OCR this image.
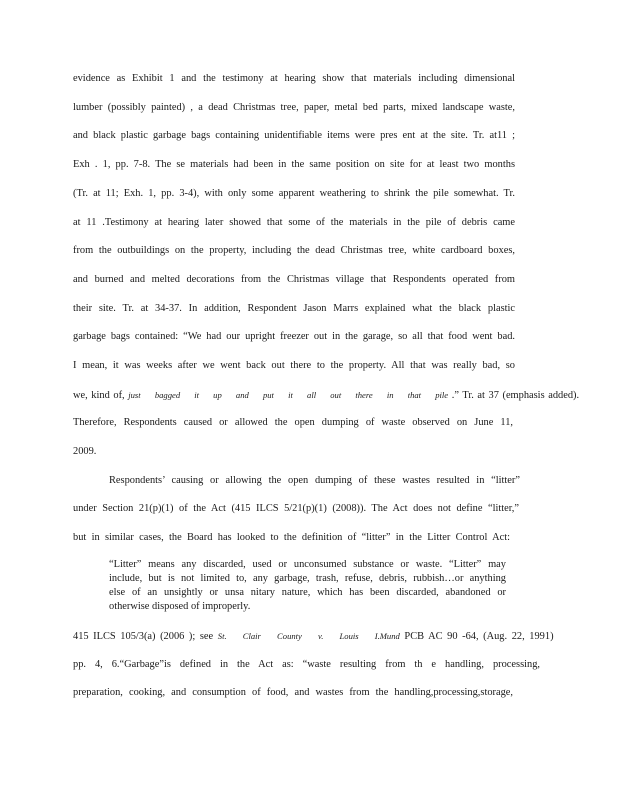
evidence as Exhibit 1 and the testimony at hearing show that materials including dimensional
lumber (possibly painted) , a dead Christmas tree, paper, metal bed parts, mixed landscape waste,
and black plastic garbage bags containing unidentifiable items were pres ent at the site. Tr. at11 ;
Exh . 1, pp. 7-8. The se materials had been in the same position on site for at least two months
(Tr. at 11; Exh. 1, pp. 3-4), with only some apparent weathering to shrink the pile somewhat. Tr.
at 11 .Testimony at hearing later showed that some of the materials in the pile of debris came
from the outbuildings on the property, including the dead Christmas tree, white cardboard boxes,
and burned and melted decorations from the Christmas village that Respondents operated from
their site. Tr. at 34-37. In addition, Respondent Jason Marrs explained what the black plastic
garbage bags contained: “We had our upright freezer out in the garage, so all that food went bad.
I mean, it was weeks after we went back out there to the property. All that was really bad, so
we, kind of, just bagged it up and put it all out there in that pile .” Tr. at 37 (emphasis added).
Therefore, Respondents caused or allowed the open dumping of waste observed on June 11,
2009.
Respondents’ causing or allowing the open dumping of these wastes resulted in “litter”
under Section 21(p)(1) of the Act (415 ILCS 5/21(p)(1) (2008)). The Act does not define “litter,”
but in similar cases, the Board has looked to the definition of “litter” in the Litter Control Act:
“Litter” means any discarded, used or unconsumed substance or waste. “Litter” may
include, but is not limited to, any garbage, trash, refuse, debris, rubbish…or anything
else of an unsightly or unsa nitary nature, which has been discarded, abandoned or
otherwise disposed of improperly.
415 ILCS 105/3(a) (2006 ); see St. Clair County v. Louis I.Mund PCB AC 90 -64, (Aug. 22, 1991)
pp. 4, 6.“Garbage”is defined in the Act as: “waste resulting from th e handling, processing,
preparation, cooking, and consumption of food, and wastes from the handling,processing,storage,
